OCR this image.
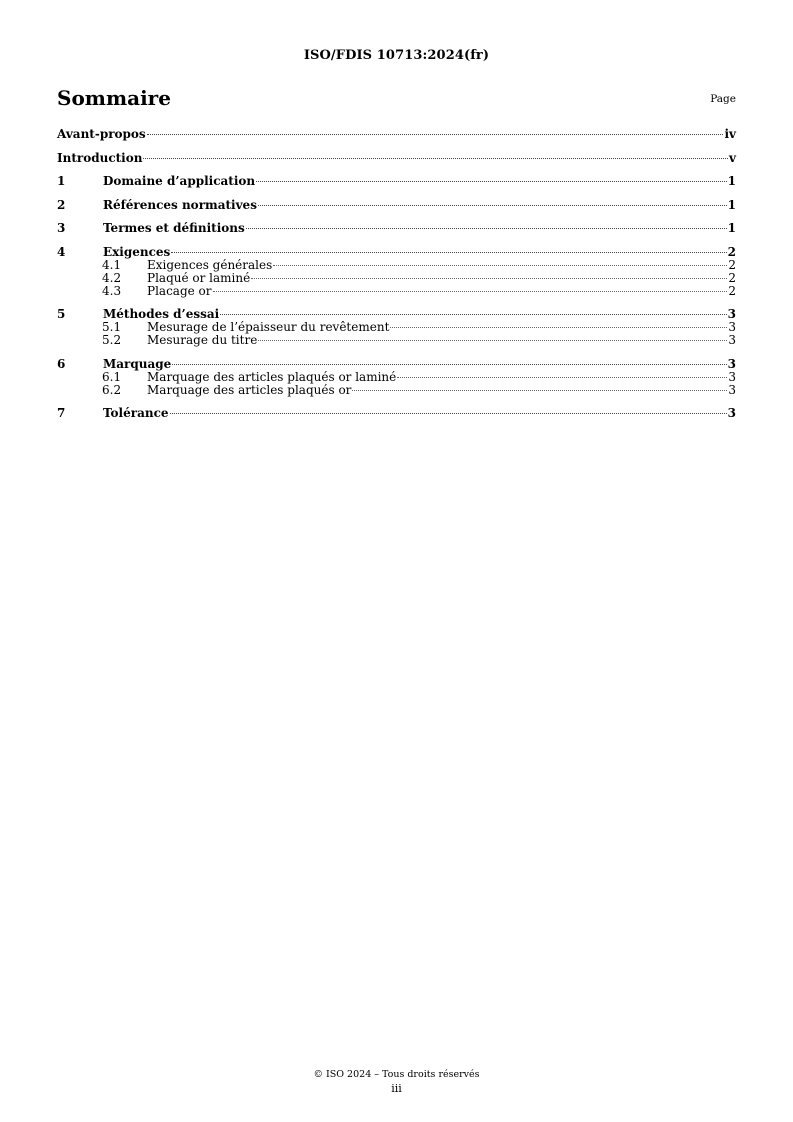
ISO/FDIS 10713:2024(fr)
Sommaire	Page
Avant-propos	iv
Introduction	v
1	Domaine d’application	1
2	Références normatives	1
3	Termes et définitions	1
4	Exigences	2
4.1 Exigences générales	2
4.2 Plaqué or laminé	2
4.3 Placage or	2
5	Méthodes d’essai	3
5.1 Mesurage de l’épaisseur du revêtement	3
5.2 Mesurage du titre	3
6	Marquage	3
6.1 Marquage des articles plaqués or laminé	3
6.2 Marquage des articles plaqués or	3
7	Tolérance	3
© ISO 2024 – Tous droits réservés
iii
